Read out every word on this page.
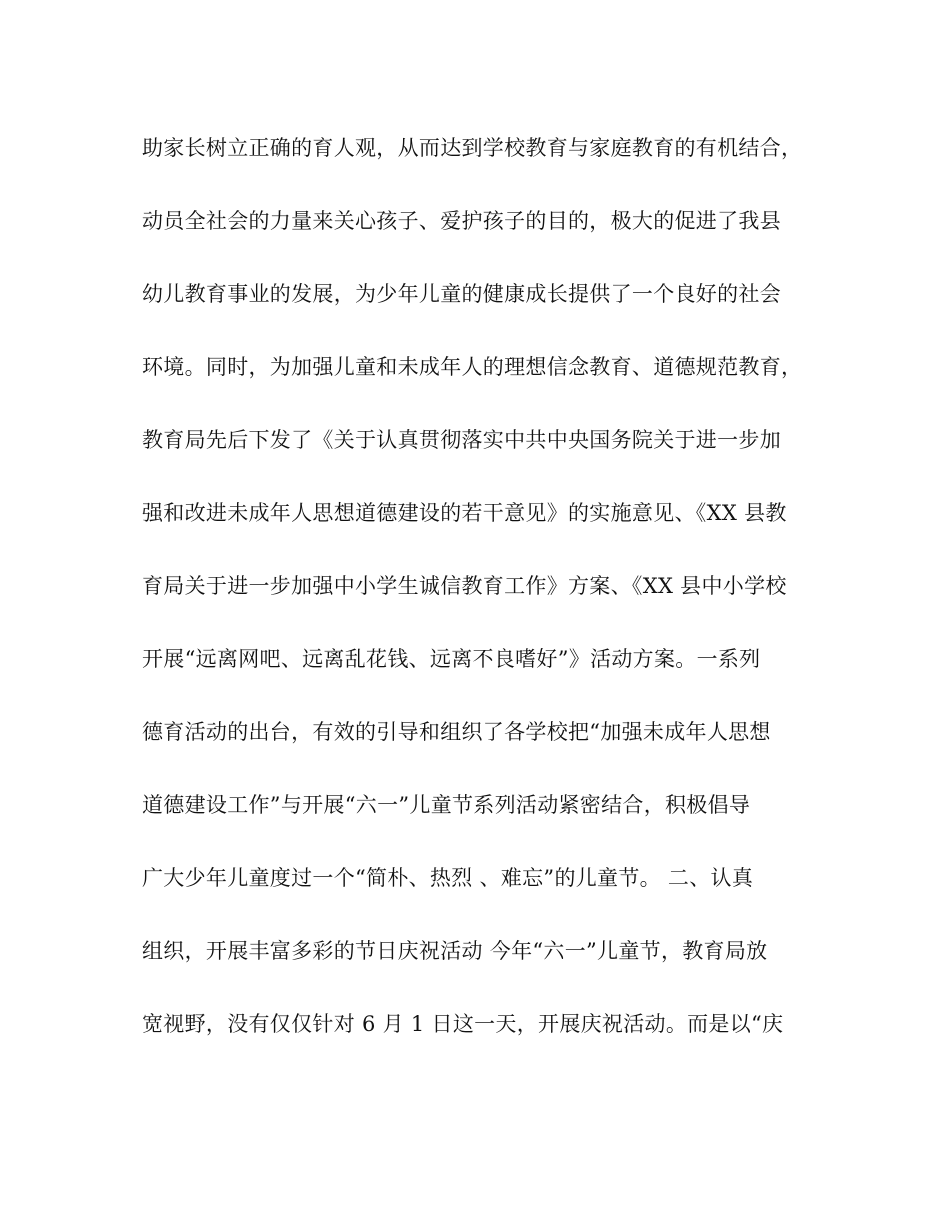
助家长树立正确的育人观，从而达到学校教育与家庭教育的有机结合，
动员全社会的力量来关心孩子、爱护孩子的目的，极大的促进了我县
幼儿教育事业的发展，为少年儿童的健康成长提供了一个良好的社会
环境。同时，为加强儿童和未成年人的理想信念教育、道德规范教育，
教育局先后下发了《关于认真贯彻落实中共中央国务院关于进一步加
强和改进未成年人思想道德建设的若干意见》的实施意见、《XX 县教
育局关于进一步加强中小学生诚信教育工作》方案、《XX 县中小学校
开展“远离网吧、远离乱花钱、远离不良嗜好”》活动方案。一系列
德育活动的出台，有效的引导和组织了各学校把“加强未成年人思想
道德建设工作”与开展“六一”儿童节系列活动紧密结合，积极倡导
广大少年儿童度过一个“简朴、热烈 、难忘”的儿童节。 二、认真
组织，开展丰富多彩的节日庆祝活动 今年“六一”儿童节，教育局放
宽视野，没有仅仅针对 6 月 1 日这一天，开展庆祝活动。而是以“庆
